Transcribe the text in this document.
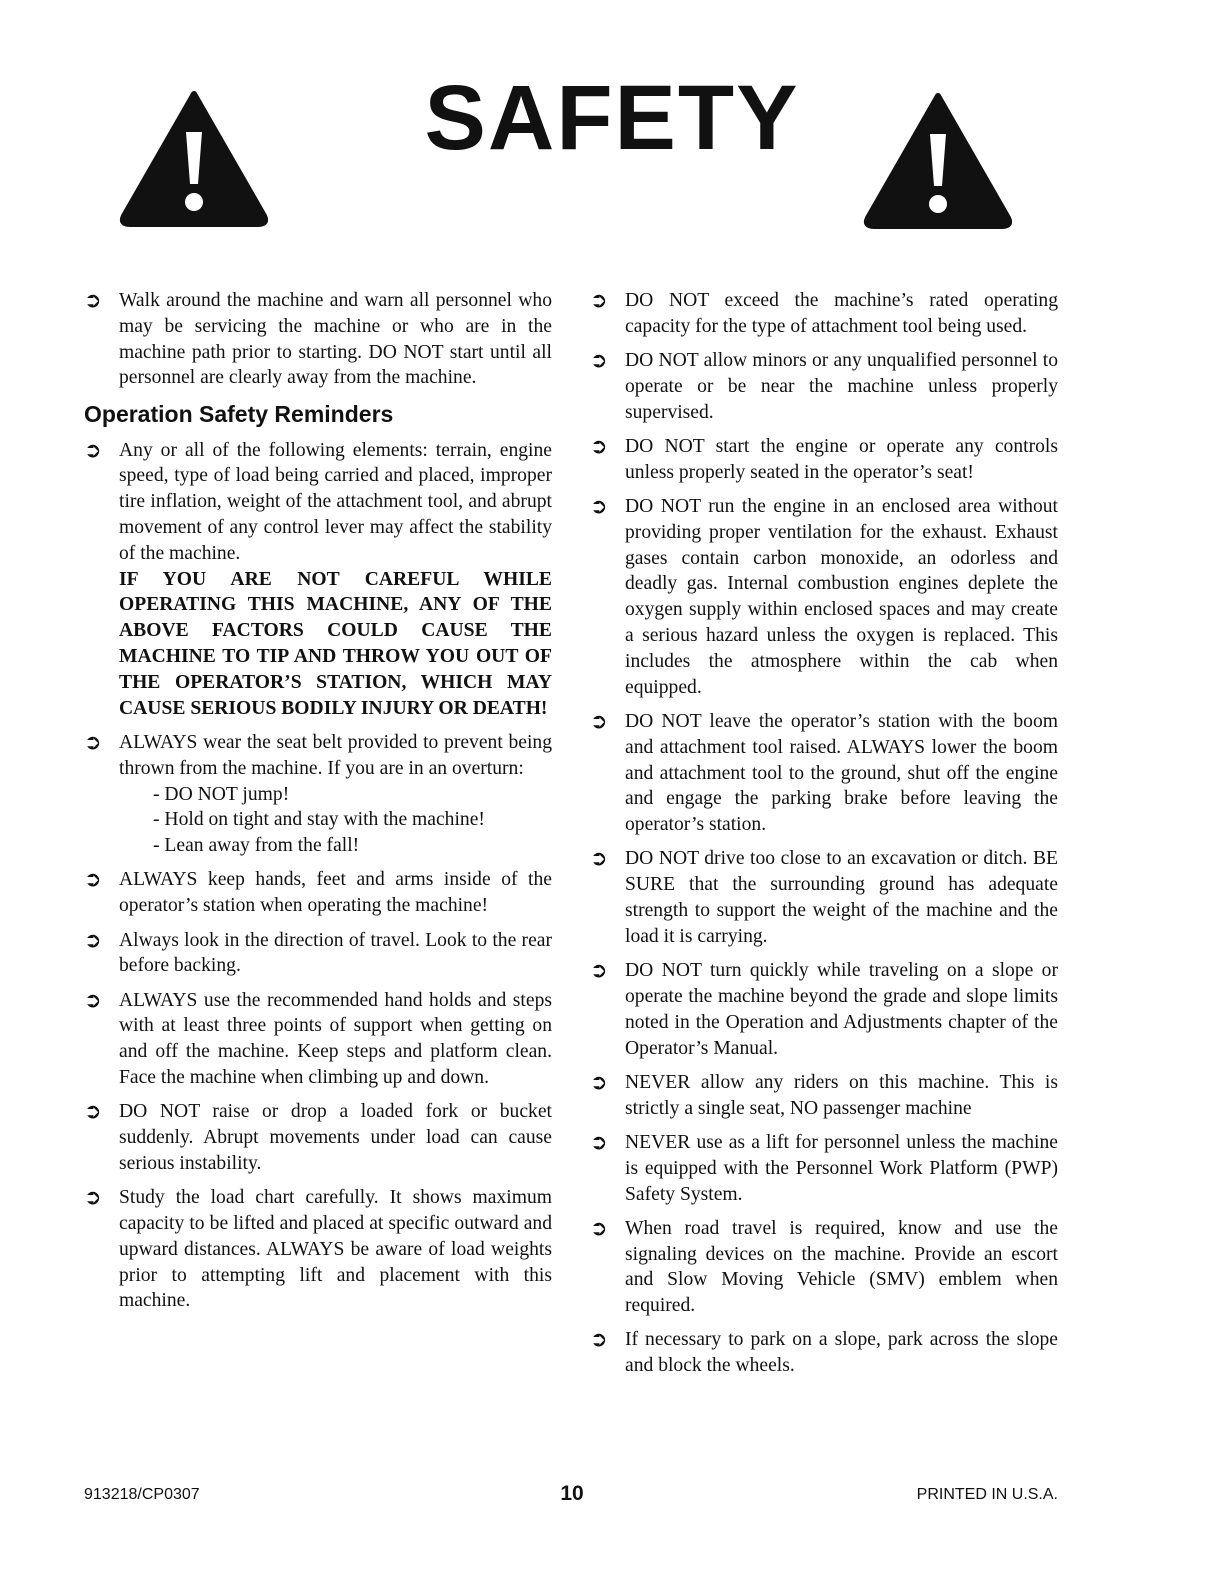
SAFETY
➲ Walk around the machine and warn all personnel who may be servicing the machine or who are in the machine path prior to starting. DO NOT start until all personnel are clearly away from the machine.
Operation Safety Reminders
➲ Any or all of the following elements: terrain, engine speed, type of load being carried and placed, improper tire inflation, weight of the attachment tool, and abrupt movement of any control lever may affect the stability of the machine.
IF YOU ARE NOT CAREFUL WHILE OPERATING THIS MACHINE, ANY OF THE ABOVE FACTORS COULD CAUSE THE MACHINE TO TIP AND THROW YOU OUT OF THE OPERATOR’S STATION, WHICH MAY CAUSE SERIOUS BODILY INJURY OR DEATH!
➲ ALWAYS wear the seat belt provided to prevent being thrown from the machine. If you are in an overturn:
- DO NOT jump!
- Hold on tight and stay with the machine!
- Lean away from the fall!
➲ ALWAYS keep hands, feet and arms inside of the operator’s station when operating the machine!
➲ Always look in the direction of travel. Look to the rear before backing.
➲ ALWAYS use the recommended hand holds and steps with at least three points of support when getting on and off the machine. Keep steps and platform clean. Face the machine when climbing up and down.
➲ DO NOT raise or drop a loaded fork or bucket suddenly. Abrupt movements under load can cause serious instability.
➲ Study the load chart carefully. It shows maximum capacity to be lifted and placed at specific outward and upward distances. ALWAYS be aware of load weights prior to attempting lift and placement with this machine.
➲ DO NOT exceed the machine’s rated operating capacity for the type of attachment tool being used.
➲ DO NOT allow minors or any unqualified personnel to operate or be near the machine unless properly supervised.
➲ DO NOT start the engine or operate any controls unless properly seated in the operator’s seat!
➲ DO NOT run the engine in an enclosed area without providing proper ventilation for the exhaust. Exhaust gases contain carbon monoxide, an odorless and deadly gas. Internal combustion engines deplete the oxygen supply within enclosed spaces and may create a serious hazard unless the oxygen is replaced. This includes the atmosphere within the cab when equipped.
➲ DO NOT leave the operator’s station with the boom and attachment tool raised. ALWAYS lower the boom and attachment tool to the ground, shut off the engine and engage the parking brake before leaving the operator’s station.
➲ DO NOT drive too close to an excavation or ditch. BE SURE that the surrounding ground has adequate strength to support the weight of the machine and the load it is carrying.
➲ DO NOT turn quickly while traveling on a slope or operate the machine beyond the grade and slope limits noted in the Operation and Adjustments chapter of the Operator’s Manual.
➲ NEVER allow any riders on this machine. This is strictly a single seat, NO passenger machine
➲ NEVER use as a lift for personnel unless the machine is equipped with the Personnel Work Platform (PWP) Safety System.
➲ When road travel is required, know and use the signaling devices on the machine. Provide an escort and Slow Moving Vehicle (SMV) emblem when required.
➲ If necessary to park on a slope, park across the slope and block the wheels.
913218/CP0307	10	PRINTED IN U.S.A.
